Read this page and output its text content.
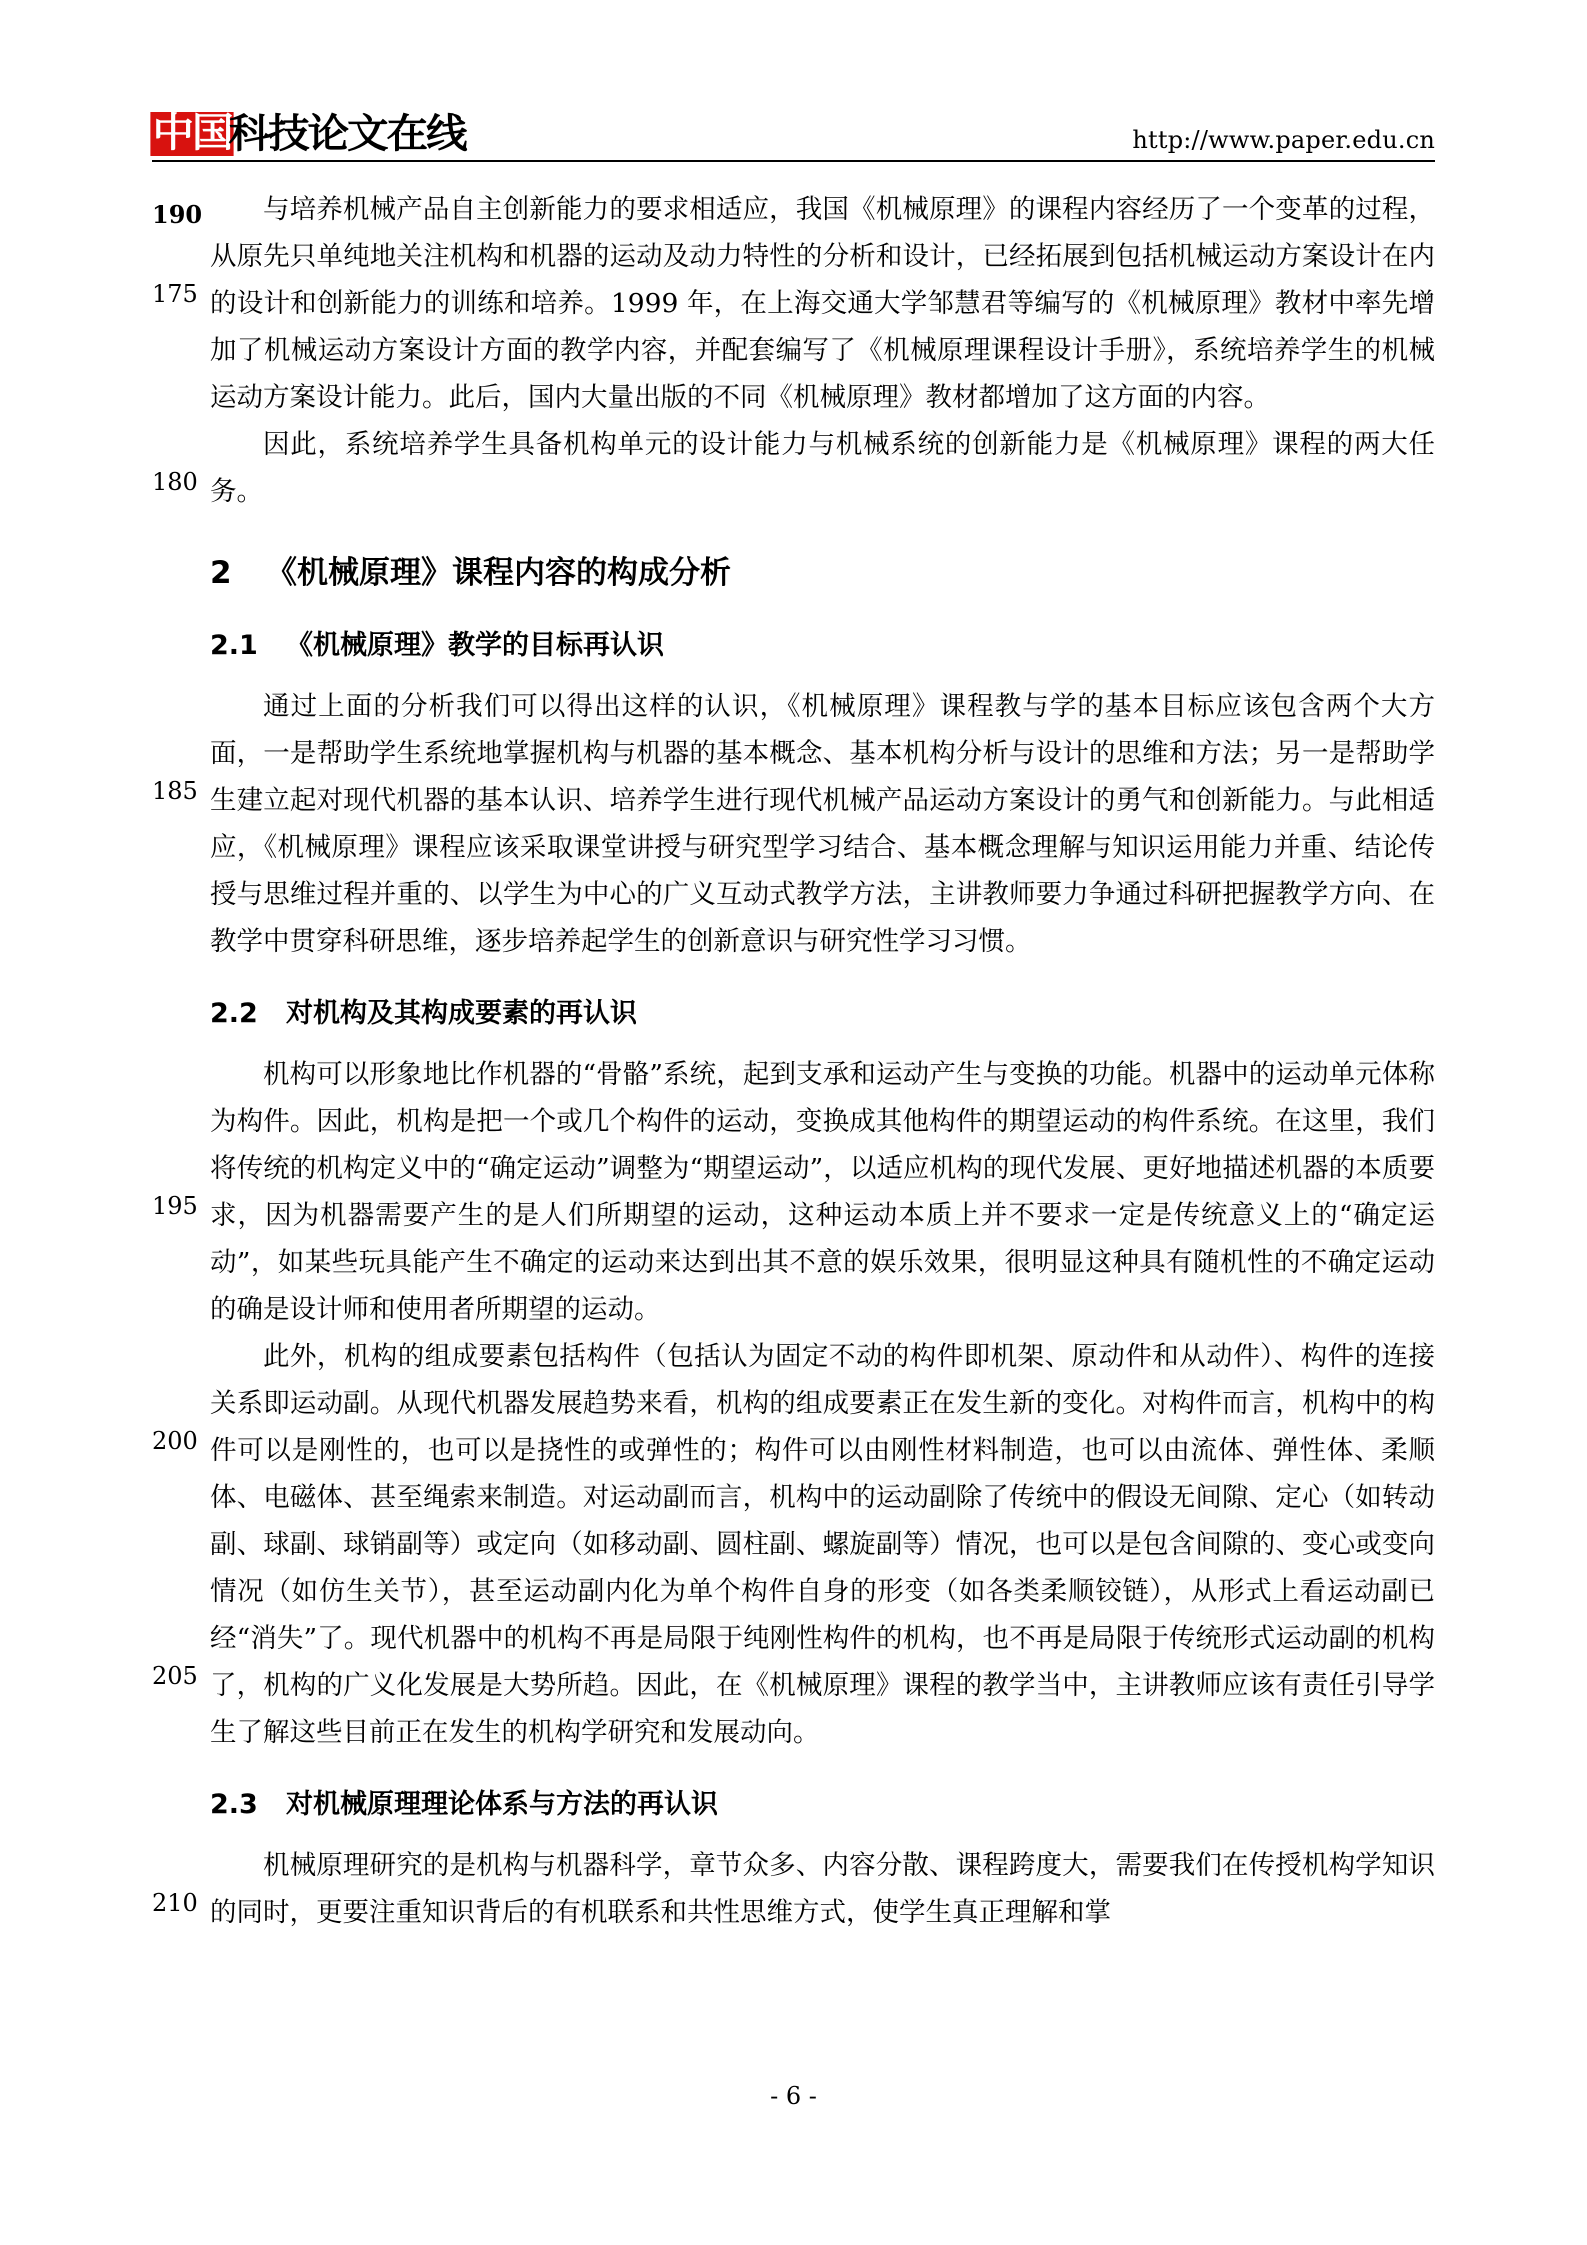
中国
科技论文在线	http://www.paper.edu.cn
175

与培养机械产品自主创新能力的要求相适应，我国《机械原理》的课程内容经历了一个变革的过程，从原先只单纯地关注机构和机器的运动及动力特性的分析和设计，已经拓展到包括机械运动方案设计在内的设计和创新能力的训练和培养。1999 年，在上海交通大学邹慧君等编写的《机械原理》教材中率先增加了机械运动方案设计方面的教学内容，并配套编写了《机械原理课程设计手册》，系统培养学生的机械运动方案设计能力。此后，国内大量出版的不同《机械原理》教材都增加了这方面的内容。

180

因此，系统培养学生具备机构单元的设计能力与机械系统的创新能力是《机械原理》课程的两大任务。

2 《机械原理》课程内容的构成分析
2.1 《机械原理》教学的目标再认识
185

通过上面的分析我们可以得出这样的认识，《机械原理》课程教与学的基本目标应该包含两个大方面，一是帮助学生系统地掌握机构与机器的基本概念、基本机构分析与设计的思维和方法；另一是帮助学生建立起对现代机器的基本认识、培养学生进行现代机械产品运动方案设计的勇气和创新能力。与此相适应，《机械原理》课程应该采取课堂讲授与研究型学习结合、基本概念理解与知识运用能力并重、结论传授与思维过程并重的、以学生为中心的广义互动式教学方法，主讲教师要力争通过科研把握教学方向、在教学中贯穿科研思维，逐步培养起学生的创新意识与研究性学习习惯。

190
2.2 对机构及其构成要素的再认识
195

机构可以形象地比作机器的“骨骼”系统，起到支承和运动产生与变换的功能。机器中的运动单元体称为构件。因此，机构是把一个或几个构件的运动，变换成其他构件的期望运动的构件系统。在这里，我们将传统的机构定义中的“确定运动”调整为“期望运动”，以适应机构的现代发展、更好地描述机器的本质要求，因为机器需要产生的是人们所期望的运动，这种运动本质上并不要求一定是传统意义上的“确定运动”，如某些玩具能产生不确定的运动来达到出其不意的娱乐效果，很明显这种具有随机性的不确定运动的确是设计师和使用者所期望的运动。

200
205

此外，机构的组成要素包括构件（包括认为固定不动的构件即机架、原动件和从动件）、构件的连接关系即运动副。从现代机器发展趋势来看，机构的组成要素正在发生新的变化。对构件而言，机构中的构件可以是刚性的，也可以是挠性的或弹性的；构件可以由刚性材料制造，也可以由流体、弹性体、柔顺体、电磁体、甚至绳索来制造。对运动副而言，机构中的运动副除了传统中的假设无间隙、定心（如转动副、球副、球销副等）或定向（如移动副、圆柱副、螺旋副等）情况，也可以是包含间隙的、变心或变向情况（如仿生关节），甚至运动副内化为单个构件自身的形变（如各类柔顺铰链），从形式上看运动副已经“消失”了。现代机器中的机构不再是局限于纯刚性构件的机构，也不再是局限于传统形式运动副的机构了，机构的广义化发展是大势所趋。因此，在《机械原理》课程的教学当中，主讲教师应该有责任引导学生了解这些目前正在发生的机构学研究和发展动向。

2.3 对机械原理理论体系与方法的再认识
210

机械原理研究的是机构与机器科学，章节众多、内容分散、课程跨度大，需要我们在传授机构学知识的同时，更要注重知识背后的有机联系和共性思维方式，使学生真正理解和掌

- 6 -
